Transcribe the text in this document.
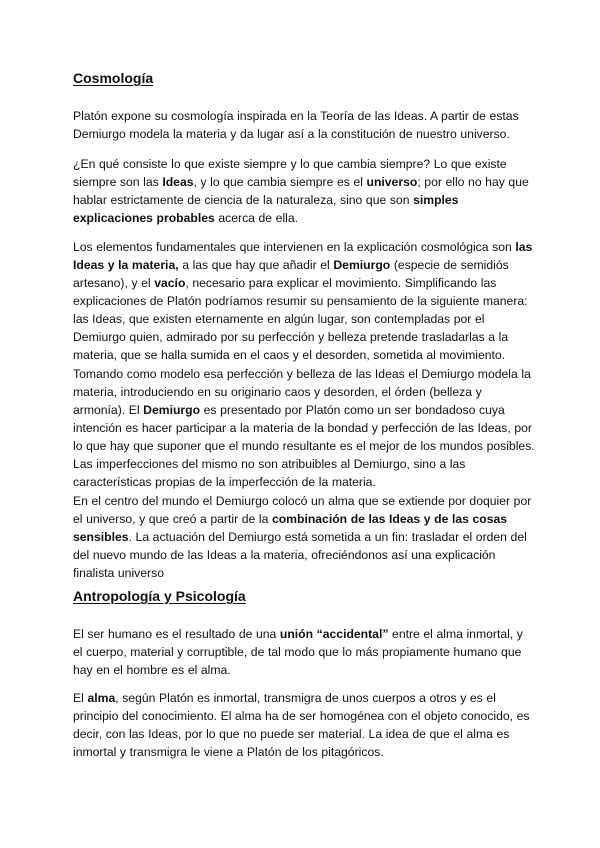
Cosmología

Platón expone su cosmología inspirada en la Teoría de las Ideas. A partir de estas Demiurgo modela la materia y da lugar así a la constitución de nuestro universo.

¿En qué consiste lo que existe siempre y lo que cambia siempre? Lo que existe siempre son las Ideas, y lo que cambia siempre es el universo; por ello no hay que hablar estrictamente de ciencia de la naturaleza, sino que son simples explicaciones probables acerca de ella.

Los elementos fundamentales que intervienen en la explicación cosmológica son las Ideas y la materia, a las que hay que añadir el Demiurgo (especie de semidiós artesano), y el vacío, necesario para explicar el movimiento. Simplificando las explicaciones de Platón podríamos resumir su pensamiento de la siguiente manera: las Ideas, que existen eternamente en algún lugar, son contempladas por el Demiurgo quien, admirado por su perfección y belleza pretende trasladarlas a la materia, que se halla sumida en el caos y el desorden, sometida al movimiento.

Tomando como modelo esa perfección y belleza de las Ideas el Demiurgo modela la materia, introduciendo en su originario caos y desorden, el órden (belleza y armonía). El Demiurgo es presentado por Platón como un ser bondadoso cuya intención es hacer participar a la materia de la bondad y perfección de las Ideas, por lo que hay que suponer que el mundo resultante es el mejor de los mundos posibles. Las imperfecciones del mismo no son atribuibles al Demiurgo, sino a las características propias de la imperfección de la materia.

En el centro del mundo el Demiurgo colocó un alma que se extiende por doquier por el universo, y que creó a partir de la combinación de las Ideas y de las cosas sensibles. La actuación del Demiurgo está sometida a un fin: trasladar el orden del del nuevo mundo de las Ideas a la materia, ofreciéndonos así una explicación finalista universo

Antropología y Psicología

El ser humano es el resultado de una unión “accidental” entre el alma inmortal, y el cuerpo, material y corruptible, de tal modo que lo más propiamente humano que hay en el hombre es el alma.

El alma, según Platón es inmortal, transmigra de unos cuerpos a otros y es el principio del conocimiento. El alma ha de ser homogénea con el objeto conocido, es decir, con las Ideas, por lo que no puede ser material. La idea de que el alma es inmortal y transmigra le viene a Platón de los pitagóricos.
